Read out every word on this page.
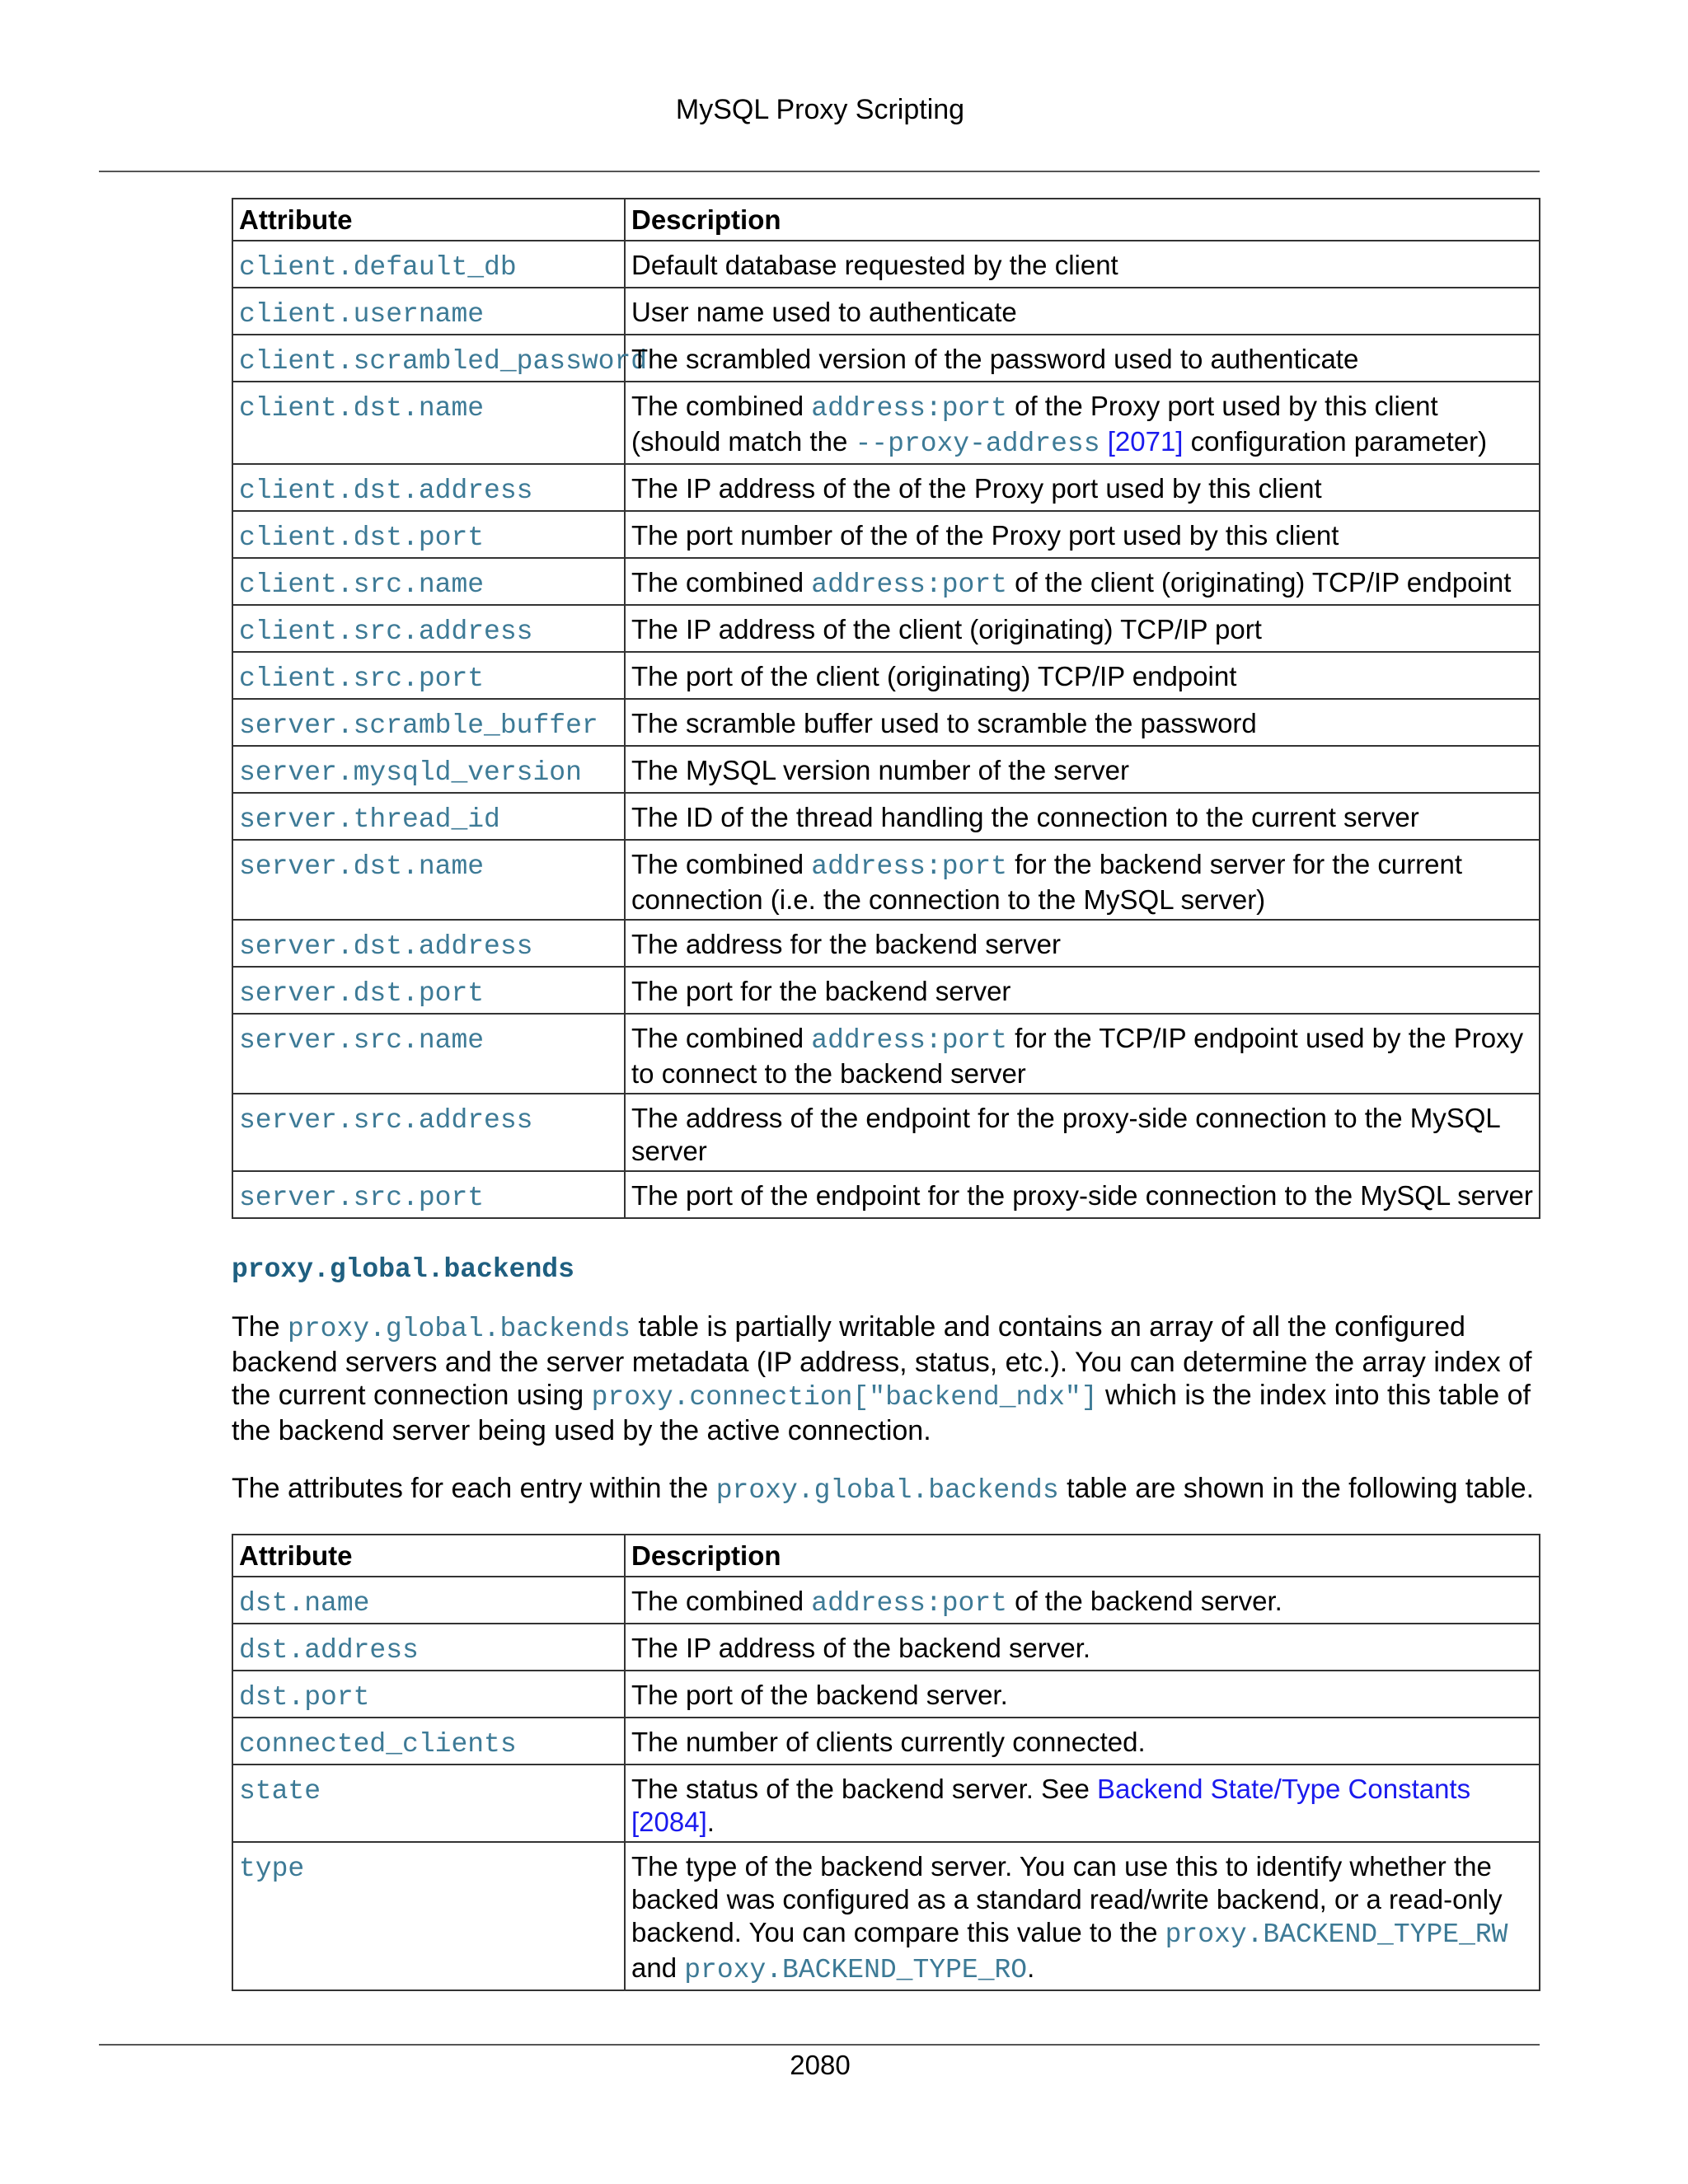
MySQL Proxy Scripting
Attribute	Description
client.default_db	Default database requested by the client
client.username	User name used to authenticate
client.scrambled_password	The scrambled version of the password used to authenticate
client.dst.name	The combined address:port of the Proxy port used by this client (should match the --proxy-address [2071] configuration parameter)
client.dst.address	The IP address of the of the Proxy port used by this client
client.dst.port	The port number of the of the Proxy port used by this client
client.src.name	The combined address:port of the client (originating) TCP/IP endpoint
client.src.address	The IP address of the client (originating) TCP/IP port
client.src.port	The port of the client (originating) TCP/IP endpoint
server.scramble_buffer	The scramble buffer used to scramble the password
server.mysqld_version	The MySQL version number of the server
server.thread_id	The ID of the thread handling the connection to the current server
server.dst.name	The combined address:port for the backend server for the current connection (i.e. the connection to the MySQL server)
server.dst.address	The address for the backend server
server.dst.port	The port for the backend server
server.src.name	The combined address:port for the TCP/IP endpoint used by the Proxy to connect to the backend server
server.src.address	The address of the endpoint for the proxy-side connection to the MySQL server
server.src.port	The port of the endpoint for the proxy-side connection to the MySQL server
proxy.global.backends

The proxy.global.backends table is partially writable and contains an array of all the configured backend servers and the server metadata (IP address, status, etc.). You can determine the array index of the current connection using proxy.connection["backend_ndx"] which is the index into this table of the backend server being used by the active connection.

The attributes for each entry within the proxy.global.backends table are shown in the following table.

Attribute	Description
dst.name	The combined address:port of the backend server.
dst.address	The IP address of the backend server.
dst.port	The port of the backend server.
connected_clients	The number of clients currently connected.
state	The status of the backend server. See Backend State/Type Constants [2084].
type	The type of the backend server. You can use this to identify whether the backed was configured as a standard read/write backend, or a read-only backend. You can compare this value to the proxy.BACKEND_TYPE_RW and proxy.BACKEND_TYPE_RO.
2080
